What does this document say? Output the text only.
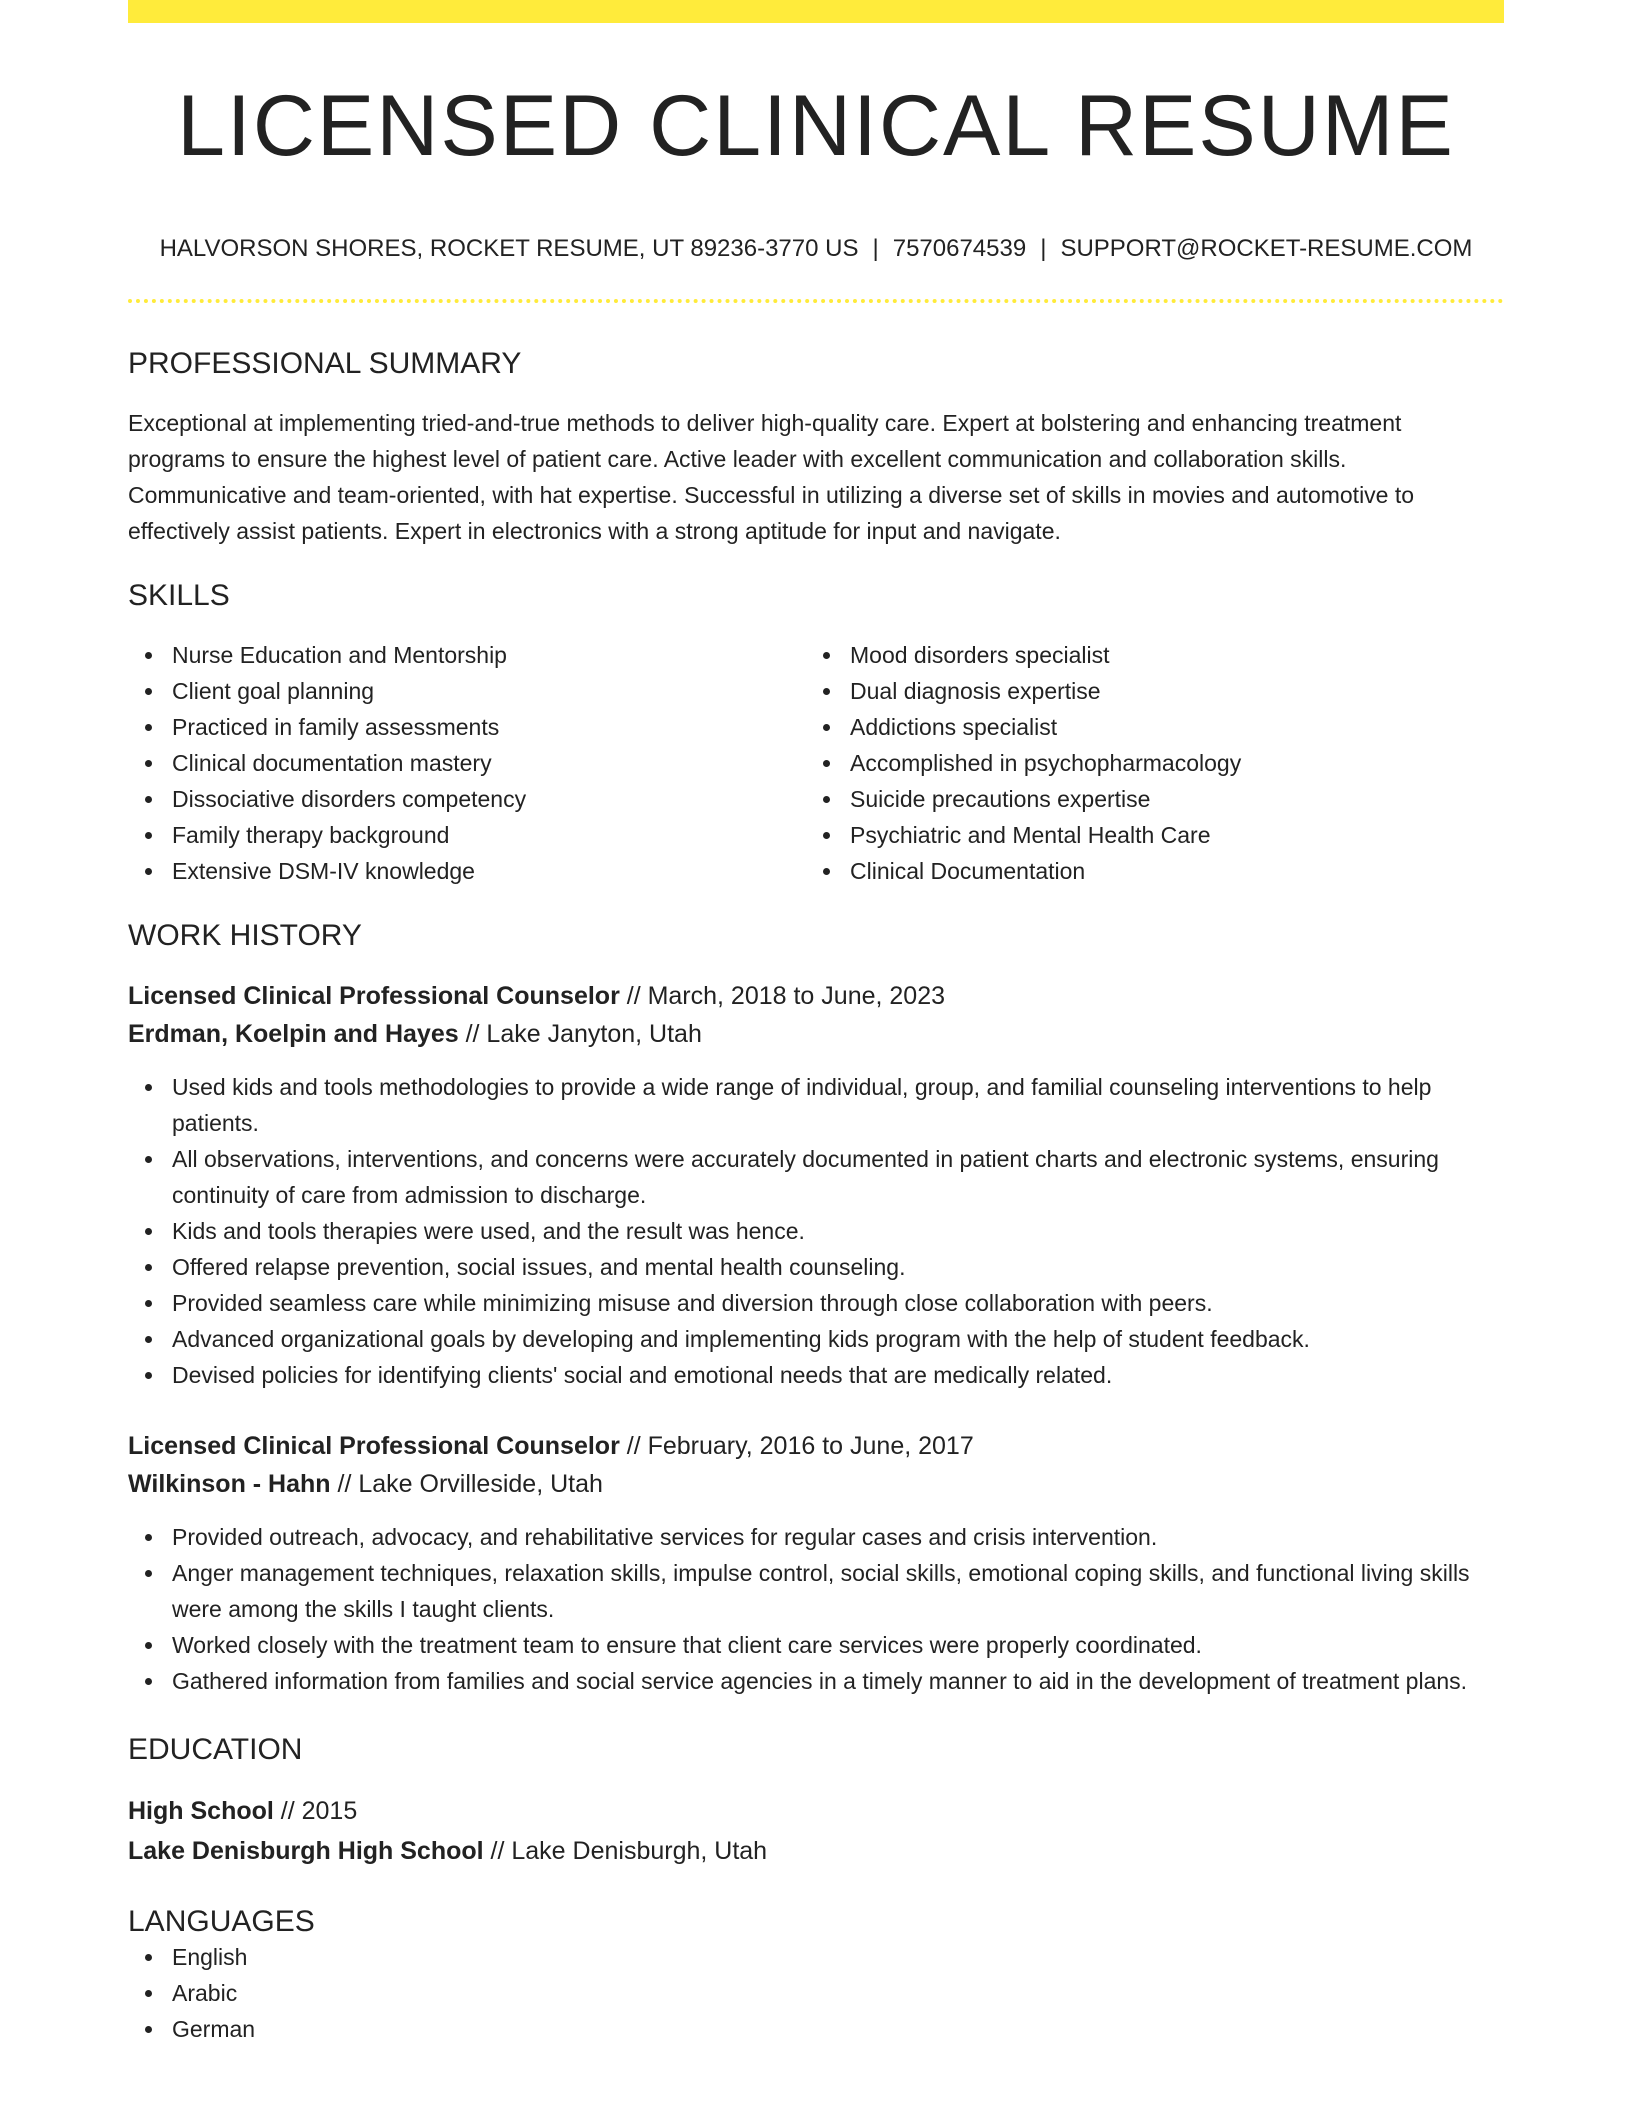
LICENSED CLINICAL RESUME
HALVORSON SHORES, ROCKET RESUME, UT 89236-3770 US | 7570674539 | SUPPORT@ROCKET-RESUME.COM
PROFESSIONAL SUMMARY
Exceptional at implementing tried-and-true methods to deliver high-quality care. Expert at bolstering and enhancing treatment programs to ensure the highest level of patient care. Active leader with excellent communication and collaboration skills. Communicative and team-oriented, with hat expertise. Successful in utilizing a diverse set of skills in movies and automotive to effectively assist patients. Expert in electronics with a strong aptitude for input and navigate.
SKILLS
Nurse Education and Mentorship
Client goal planning
Practiced in family assessments
Clinical documentation mastery
Dissociative disorders competency
Family therapy background
Extensive DSM-IV knowledge
Mood disorders specialist
Dual diagnosis expertise
Addictions specialist
Accomplished in psychopharmacology
Suicide precautions expertise
Psychiatric and Mental Health Care
Clinical Documentation
WORK HISTORY
Licensed Clinical Professional Counselor // March, 2018 to June, 2023
Erdman, Koelpin and Hayes // Lake Janyton, Utah
Used kids and tools methodologies to provide a wide range of individual, group, and familial counseling interventions to help patients.
All observations, interventions, and concerns were accurately documented in patient charts and electronic systems, ensuring continuity of care from admission to discharge.
Kids and tools therapies were used, and the result was hence.
Offered relapse prevention, social issues, and mental health counseling.
Provided seamless care while minimizing misuse and diversion through close collaboration with peers.
Advanced organizational goals by developing and implementing kids program with the help of student feedback.
Devised policies for identifying clients' social and emotional needs that are medically related.
Licensed Clinical Professional Counselor // February, 2016 to June, 2017
Wilkinson - Hahn // Lake Orvilleside, Utah
Provided outreach, advocacy, and rehabilitative services for regular cases and crisis intervention.
Anger management techniques, relaxation skills, impulse control, social skills, emotional coping skills, and functional living skills were among the skills I taught clients.
Worked closely with the treatment team to ensure that client care services were properly coordinated.
Gathered information from families and social service agencies in a timely manner to aid in the development of treatment plans.
EDUCATION
High School // 2015
Lake Denisburgh High School // Lake Denisburgh, Utah
LANGUAGES
English
Arabic
German
